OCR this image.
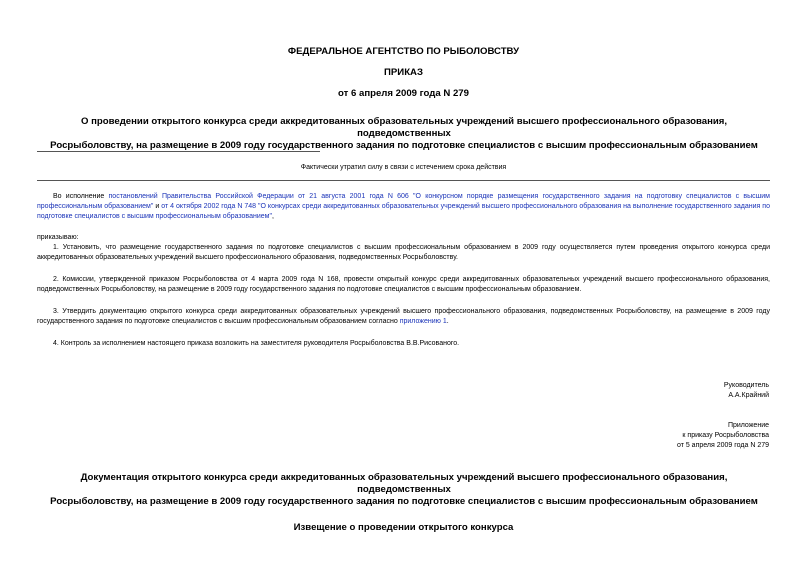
ФЕДЕРАЛЬНОЕ АГЕНТСТВО ПО РЫБОЛОВСТВУ
ПРИКАЗ
от 6 апреля 2009 года N 279
О проведении открытого конкурса среди аккредитованных образовательных учреждений высшего профессионального образования, подведомственных
Росрыболовству, на размещение в 2009 году государственного задания по подготовке специалистов с высшим профессиональным образованием
Фактически утратил силу в связи с истечением срока действия
Во исполнение постановлений Правительства Российской Федерации от 21 августа 2001 года N 606 "О конкурсном порядке размещения государственного задания на подготовку специалистов с высшим профессиональным образованием" и от 4 октября 2002 года N 748 "О конкурсах среди аккредитованных образовательных учреждений высшего профессионального образования на выполнение государственного задания по подготовке специалистов с высшим профессиональным образованием",
приказываю:
1. Установить, что размещение государственного задания по подготовке специалистов с высшим профессиональным образованием в 2009 году осуществляется путем проведения открытого конкурса среди аккредитованных образовательных учреждений высшего профессионального образования, подведомственных Росрыболовству.
2. Комиссии, утвержденной приказом Росрыболовства от 4 марта 2009 года N 168, провести открытый конкурс среди аккредитованных образовательных учреждений высшего профессионального образования, подведомственных Росрыболовству, на размещение в 2009 году государственного задания по подготовке специалистов с высшим профессиональным образованием.
3. Утвердить документацию открытого конкурса среди аккредитованных образовательных учреждений высшего профессионального образования, подведомственных Росрыболовству, на размещение в 2009 году государственного задания по подготовке специалистов с высшим профессиональным образованием согласно приложению 1.
4. Контроль за исполнением настоящего приказа возложить на заместителя руководителя Росрыболовства В.В.Рисованого.
Руководитель
А.А.Крайний
Приложение
к приказу Росрыболовства
от 5 апреля 2009 года N 279
Документация открытого конкурса среди аккредитованных образовательных учреждений высшего профессионального образования, подведомственных
Росрыболовству, на размещение в 2009 году государственного задания по подготовке специалистов с высшим профессиональным образованием
Извещение о проведении открытого конкурса
